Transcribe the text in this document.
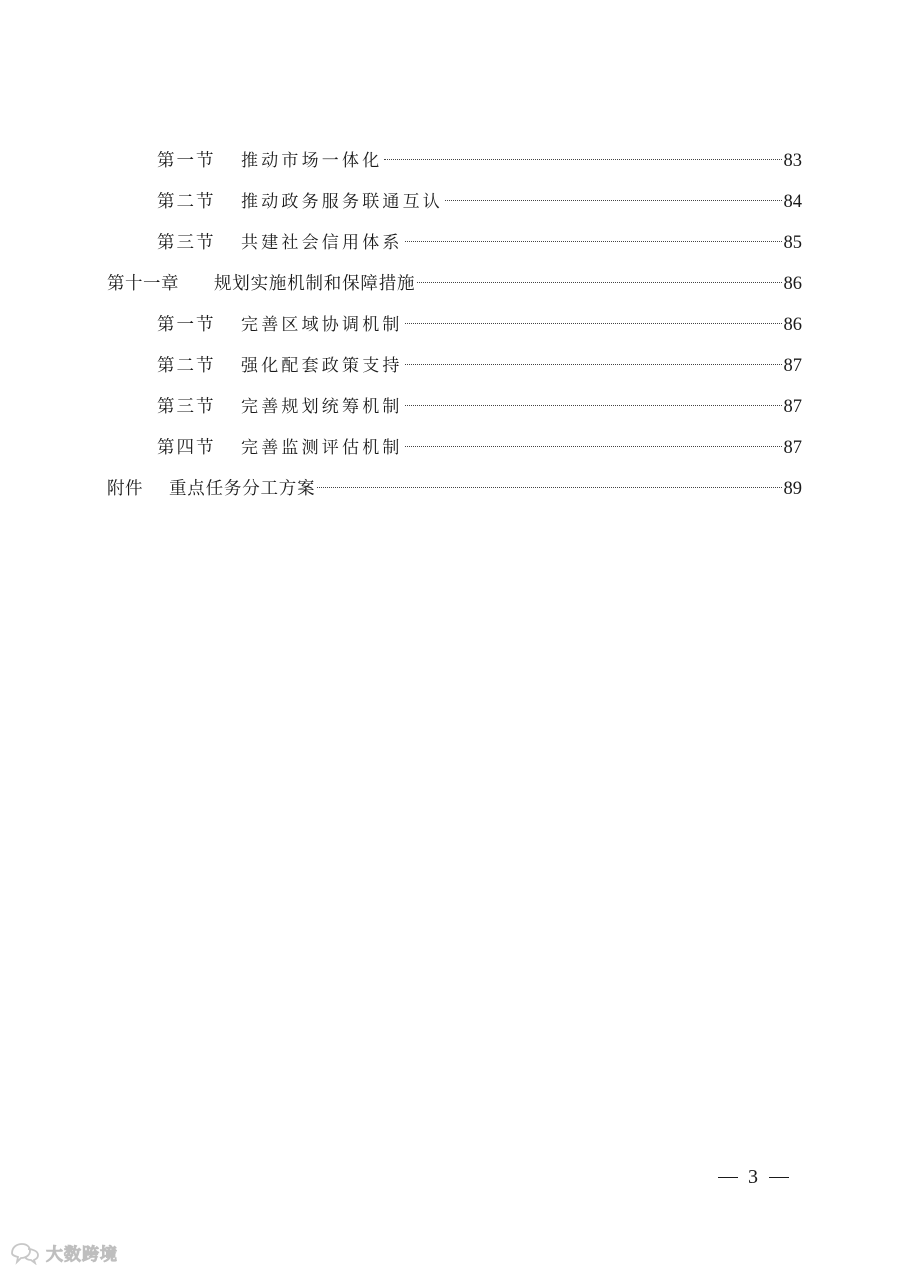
第一节	推动市场一体化	83
第二节	推动政务服务联通互认	84
第三节	共建社会信用体系	85
第十一章	规划实施机制和保障措施	86
第一节	完善区域协调机制	86
第二节	强化配套政策支持	87
第三节	完善规划统筹机制	87
第四节	完善监测评估机制	87
附件	重点任务分工方案	89
3
大数跨境
